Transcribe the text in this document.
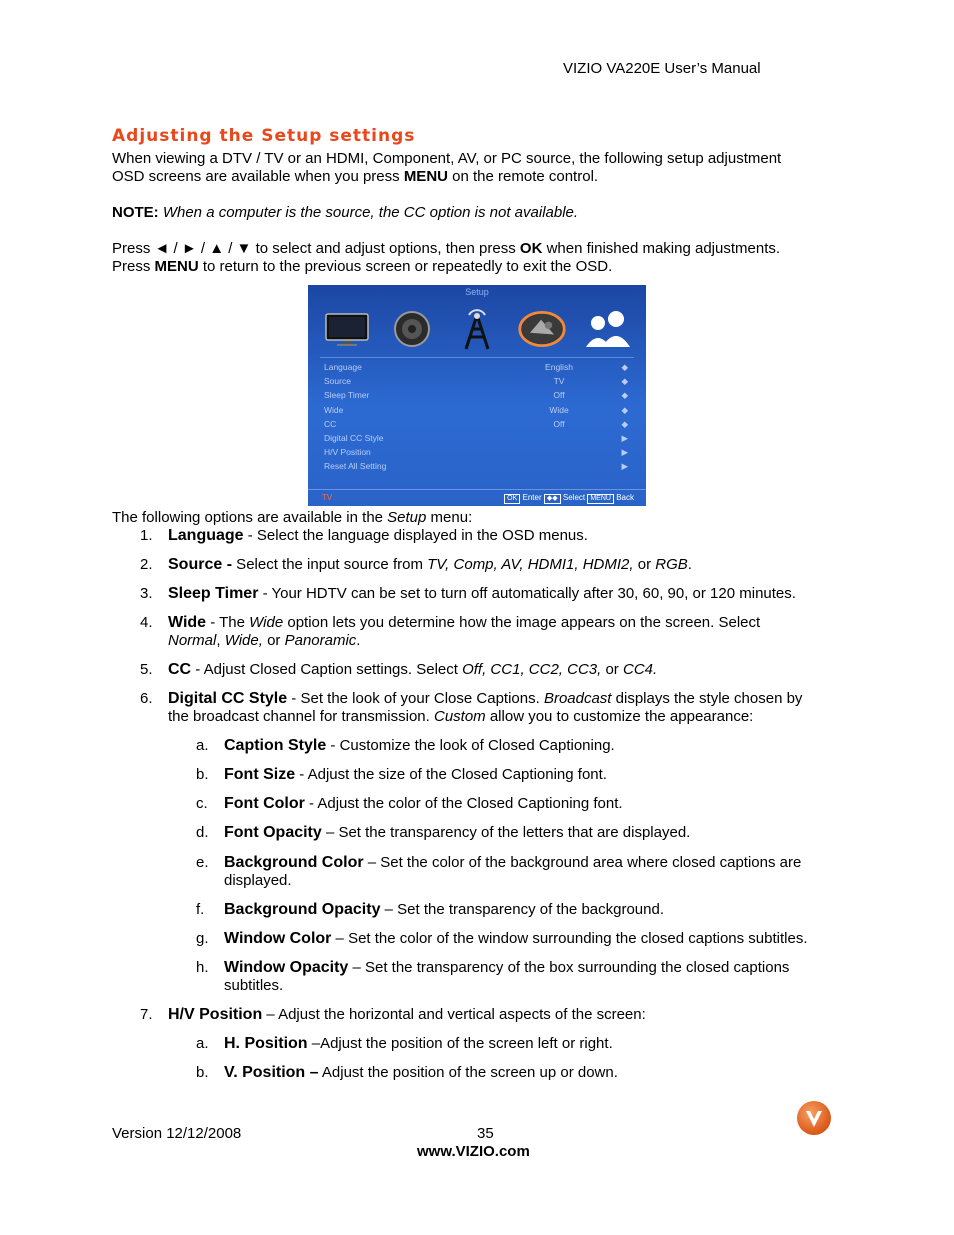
VIZIO VA220E User’s Manual
Adjusting the Setup settings
When viewing a DTV / TV or an HDMI, Component, AV, or PC source, the following setup adjustment
OSD screens are available when you press MENU on the remote control.
NOTE: When a computer is the source, the CC option is not available.
Press ◄ / ► / ▲ / ▼ to select and adjust options, then press OK when finished making adjustments.
Press MENU to return to the previous screen or repeatedly to exit the OSD.
Setup
Language	English	◆
Source	TV	◆
Sleep Timer	Off	◆
Wide	Wide	◆
CC	Off	◆
Digital CC Style	▶
H/V Position	▶
Reset All Setting	▶
TV	OK Enter ◆◆ Select MENU Back
The following options are available in the Setup menu:
1. Language - Select the language displayed in the OSD menus.
2. Source - Select the input source from TV, Comp, AV, HDMI1, HDMI2, or RGB.
3. Sleep Timer - Your HDTV can be set to turn off automatically after 30, 60, 90, or 120 minutes.
4. Wide - The Wide option lets you determine how the image appears on the screen. Select
Normal, Wide, or Panoramic.
5. CC - Adjust Closed Caption settings. Select Off, CC1, CC2, CC3, or CC4.
6. Digital CC Style - Set the look of your Close Captions. Broadcast displays the style chosen by
the broadcast channel for transmission. Custom allow you to customize the appearance:
a. Caption Style - Customize the look of Closed Captioning.
b. Font Size - Adjust the size of the Closed Captioning font.
c. Font Color - Adjust the color of the Closed Captioning font.
d. Font Opacity – Set the transparency of the letters that are displayed.
e. Background Color – Set the color of the background area where closed captions are
displayed.
f. Background Opacity – Set the transparency of the background.
g. Window Color – Set the color of the window surrounding the closed captions subtitles.
h. Window Opacity – Set the transparency of the box surrounding the closed captions
subtitles.
7. H/V Position – Adjust the horizontal and vertical aspects of the screen:
a. H. Position –Adjust the position of the screen left or right.
b. V. Position – Adjust the position of the screen up or down.
Version 12/12/2008	35
www.VIZIO.com
